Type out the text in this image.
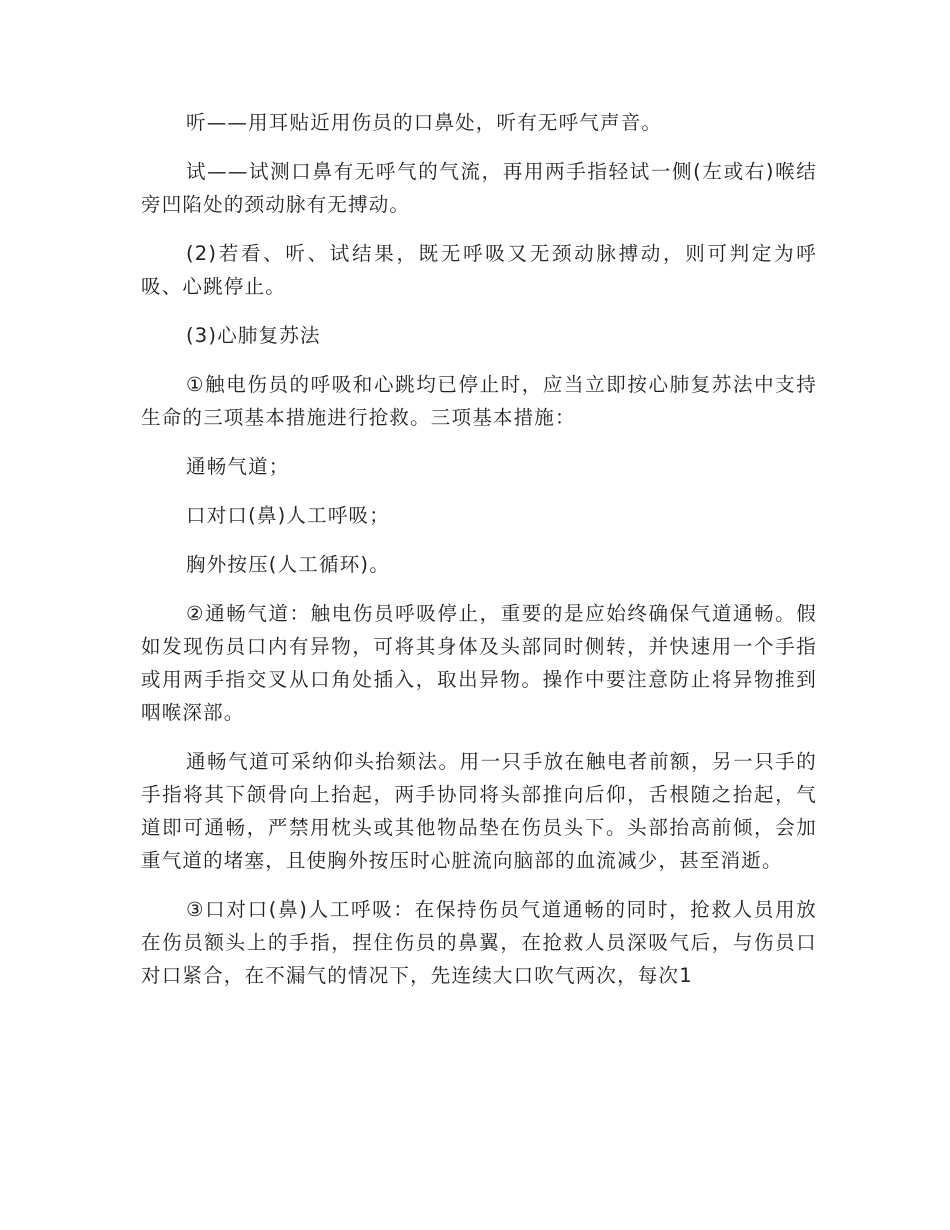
听——用耳贴近用伤员的口鼻处，听有无呼气声音。

试——试测口鼻有无呼气的气流，再用两手指轻试一侧(左或右)喉结旁凹陷处的颈动脉有无搏动。

(2)若看、听、试结果，既无呼吸又无颈动脉搏动，则可判定为呼吸、心跳停止。

(3)心肺复苏法

①触电伤员的呼吸和心跳均已停止时，应当立即按心肺复苏法中支持生命的三项基本措施进行抢救。三项基本措施：

通畅气道；

口对口(鼻)人工呼吸；

胸外按压(人工循环)。

②通畅气道：触电伤员呼吸停止，重要的是应始终确保气道通畅。假如发现伤员口内有异物，可将其身体及头部同时侧转，并快速用一个手指或用两手指交叉从口角处插入，取出异物。操作中要注意防止将异物推到咽喉深部。

通畅气道可采纳仰头抬颏法。用一只手放在触电者前额，另一只手的手指将其下颌骨向上抬起，两手协同将头部推向后仰，舌根随之抬起，气道即可通畅，严禁用枕头或其他物品垫在伤员头下。头部抬高前倾，会加重气道的堵塞，且使胸外按压时心脏流向脑部的血流减少，甚至消逝。

③口对口(鼻)人工呼吸：在保持伤员气道通畅的同时，抢救人员用放在伤员额头上的手指，捏住伤员的鼻翼，在抢救人员深吸气后，与伤员口对口紧合，在不漏气的情况下，先连续大口吹气两次，每次1
